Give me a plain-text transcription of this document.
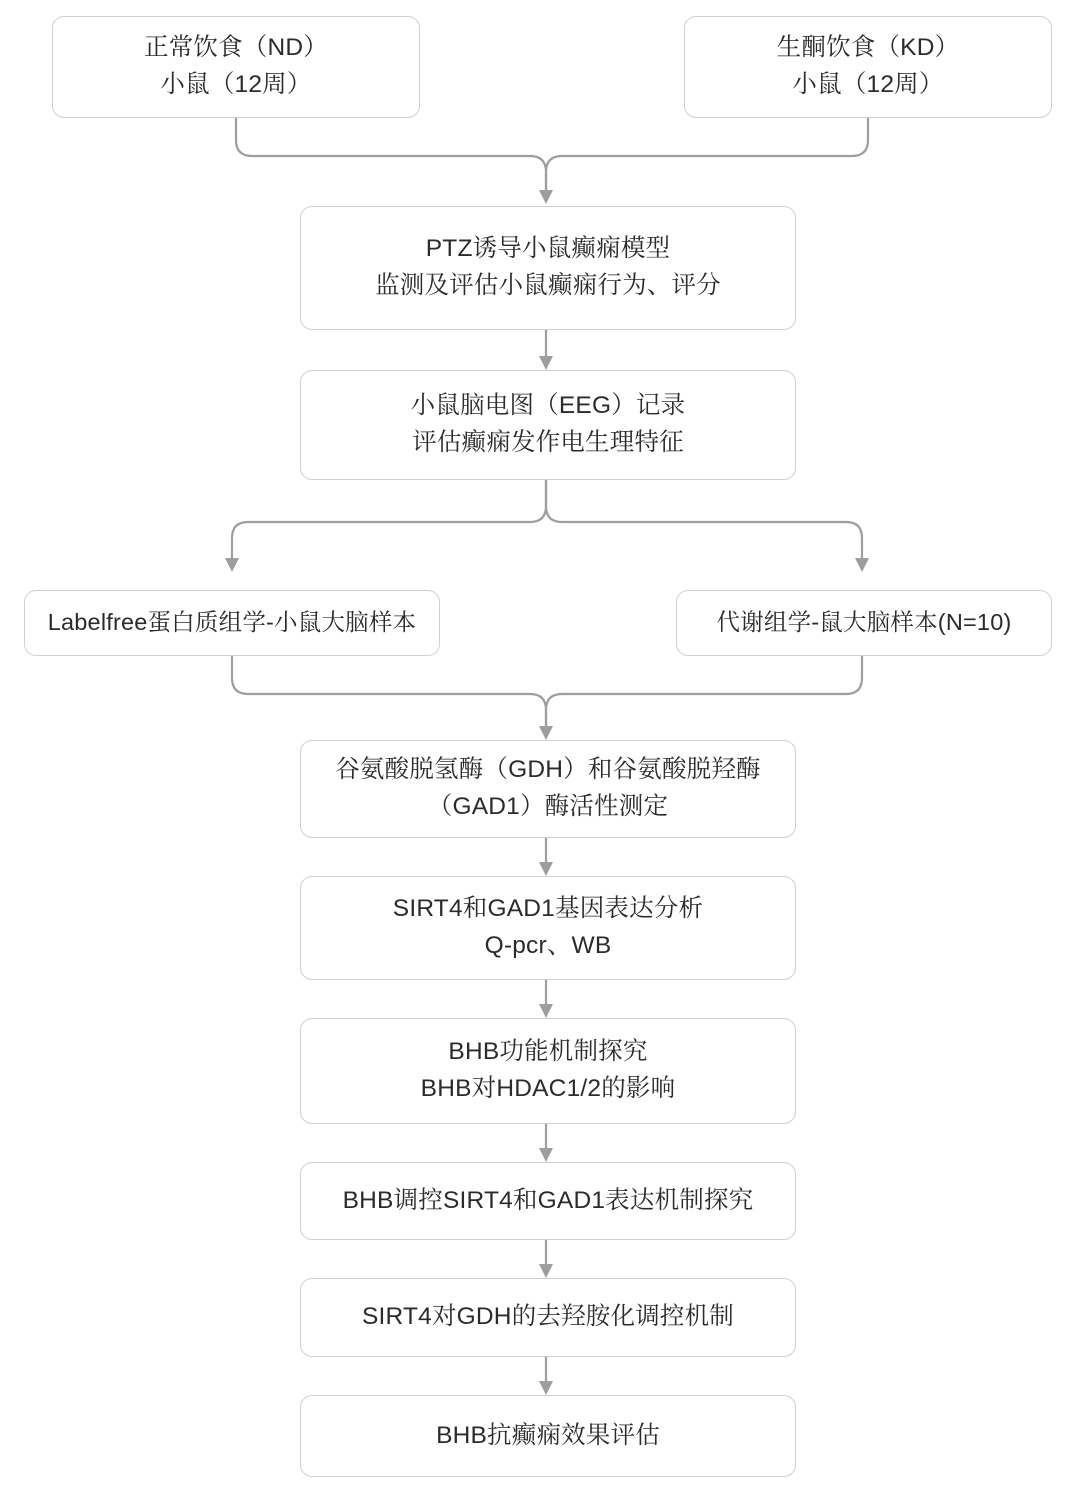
正常饮食（ND）
小鼠（12周）
生酮饮食（KD）
小鼠（12周）
PTZ诱导小鼠癫痫模型
监测及评估小鼠癫痫行为、评分
小鼠脑电图（EEG）记录
评估癫痫发作电生理特征
Labelfree蛋白质组学-小鼠大脑样本	代谢组学-鼠大脑样本(N=10)
谷氨酸脱氢酶（GDH）和谷氨酸脱羟酶
（GAD1）酶活性测定
SIRT4和GAD1基因表达分析
Q-pcr、WB
BHB功能机制探究
BHB对HDAC1/2的影响
BHB调控SIRT4和GAD1表达机制探究
SIRT4对GDH的去羟胺化调控机制
BHB抗癫痫效果评估
